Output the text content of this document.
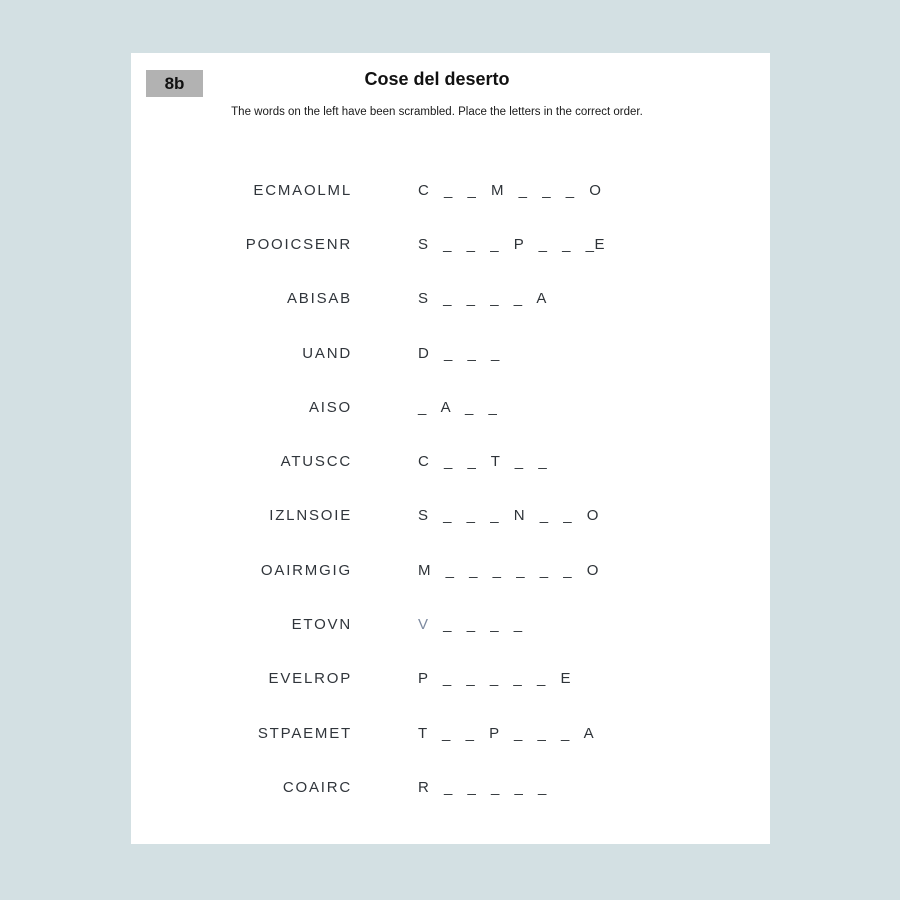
8b	Cose del deserto

The words on the left have been scrambled. Place the letters in the correct order.

ECMAOLML	C _ _ M _ _ _ O
POOICSENR	S _ _ _ P _ _ _E
ABISAB	S _ _ _ _ A
UAND	D _ _ _
AISO	_ A _ _
ATUSCC	C _ _ T _ _
IZLNSOIE	S _ _ _ N _ _ O
OAIRMGIG	M _ _ _ _ _ _ O
ETOVN	V _ _ _ _
EVELROP	P _ _ _ _ _ E
STPAEMET	T _ _ P _ _ _ A
COAIRC	R _ _ _ _ _
